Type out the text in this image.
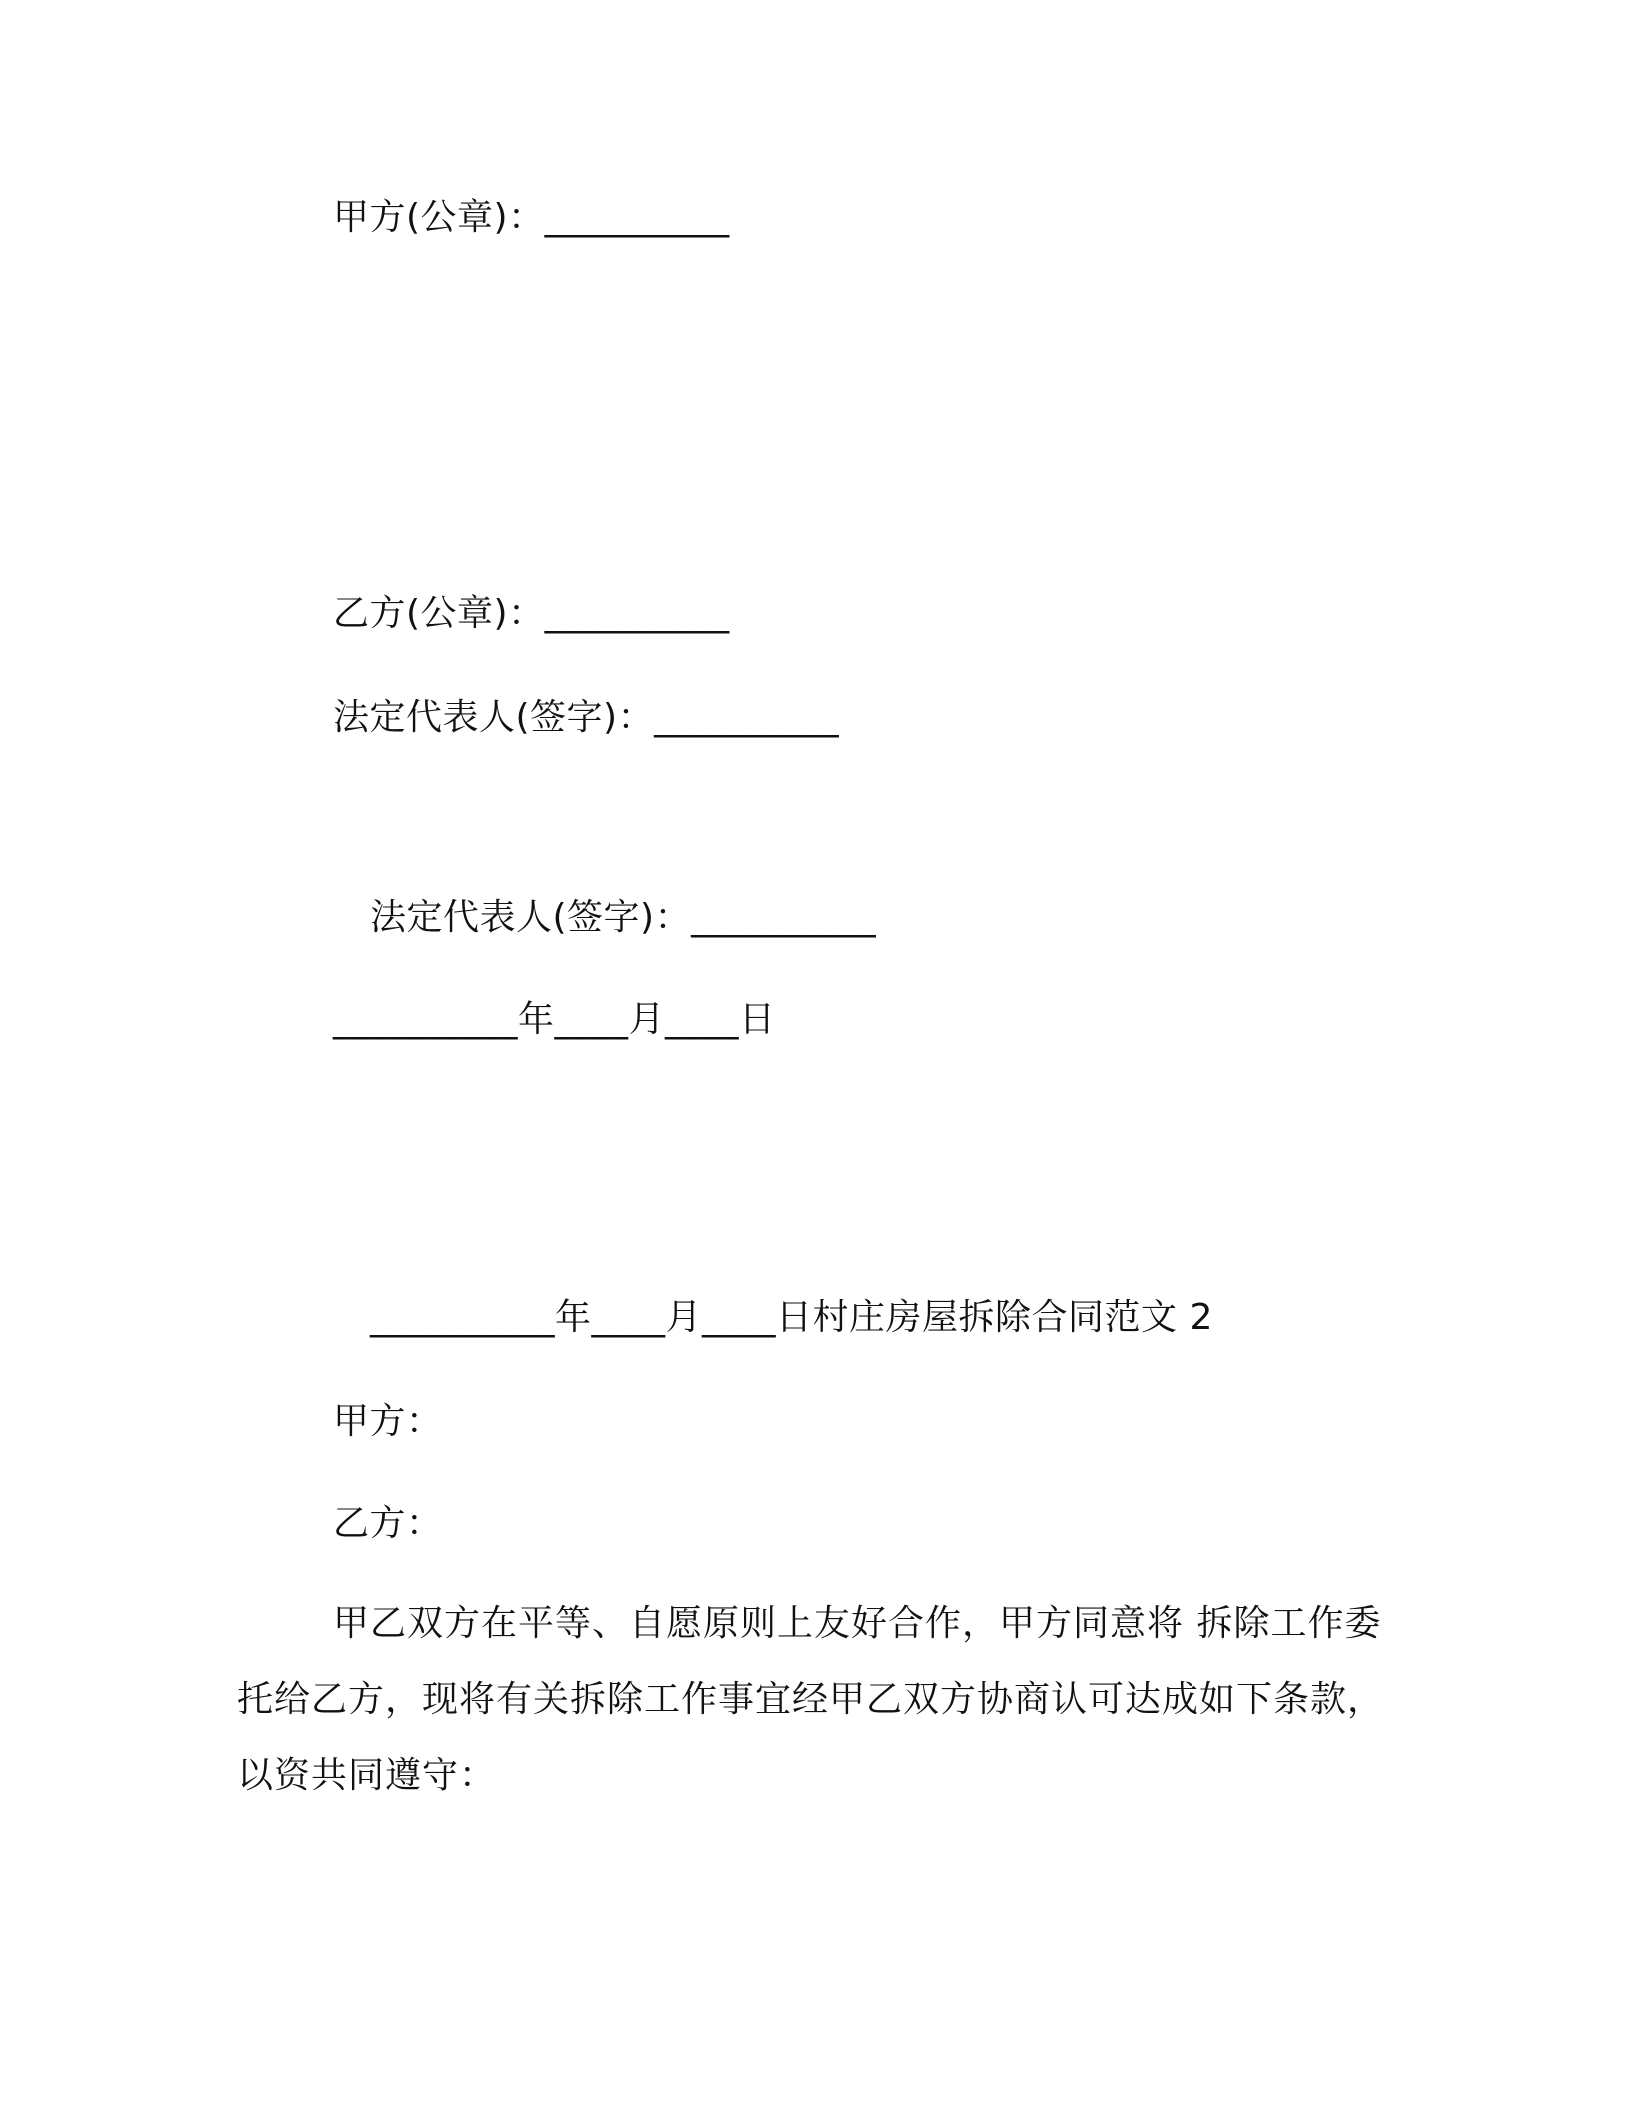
甲方(公章)：__________
乙方(公章)：__________
法定代表人(签字)：__________
法定代表人(签字)：__________
__________年____月____日
__________年____月____日村庄房屋拆除合同范文 2
甲方：
乙方：
甲乙双方在平等、自愿原则上友好合作，甲方同意将 拆除工作委托给乙方，现将有关拆除工作事宜经甲乙双方协商认可达成如下条款，以资共同遵守：
